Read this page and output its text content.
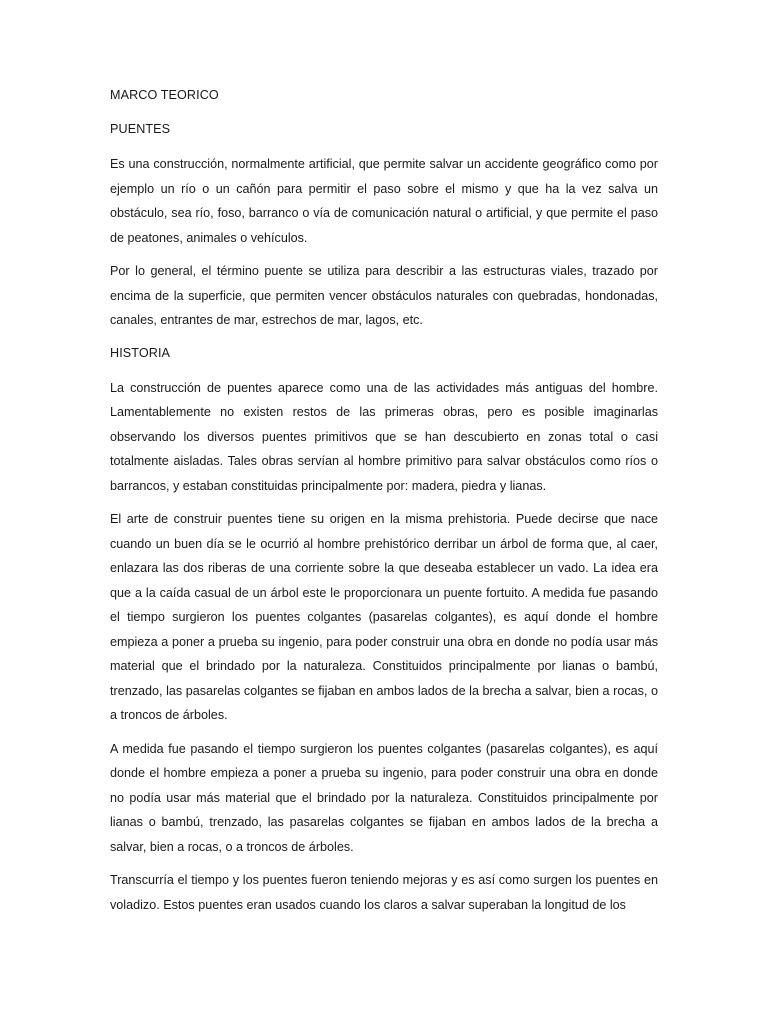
MARCO TEORICO

PUENTES

Es una construcción, normalmente artificial, que permite salvar un accidente geográfico como por ejemplo un río o un cañón para permitir el paso sobre el mismo y que ha la vez salva un obstáculo, sea río, foso, barranco o vía de comunicación natural o artificial, y que permite el paso de peatones, animales o vehículos.

Por lo general, el término puente se utiliza para describir a las estructuras viales, trazado por encima de la superficie, que permiten vencer obstáculos naturales con quebradas, hondonadas, canales, entrantes de mar, estrechos de mar, lagos, etc.

HISTORIA

La construcción de puentes aparece como una de las actividades más antiguas del hombre. Lamentablemente no existen restos de las primeras obras, pero es posible imaginarlas observando los diversos puentes primitivos que se han descubierto en zonas total o casi totalmente aisladas. Tales obras servían al hombre primitivo para salvar obstáculos como ríos o barrancos, y estaban constituidas principalmente por: madera, piedra y lianas.

El arte de construir puentes tiene su origen en la misma prehistoria. Puede decirse que nace cuando un buen día se le ocurrió al hombre prehistórico derribar un árbol de forma que, al caer, enlazara las dos riberas de una corriente sobre la que deseaba establecer un vado. La idea era que a la caída casual de un árbol este le proporcionara un puente fortuito. A medida fue pasando el tiempo surgieron los puentes colgantes (pasarelas colgantes), es aquí donde el hombre empieza a poner a prueba su ingenio, para poder construir una obra en donde no podía usar más material que el brindado por la naturaleza. Constituidos principalmente por lianas o bambú, trenzado, las pasarelas colgantes se fijaban en ambos lados de la brecha a salvar, bien a rocas, o a troncos de árboles.

A medida fue pasando el tiempo surgieron los puentes colgantes (pasarelas colgantes), es aquí donde el hombre empieza a poner a prueba su ingenio, para poder construir una obra en donde no podía usar más material que el brindado por la naturaleza. Constituidos principalmente por lianas o bambú, trenzado, las pasarelas colgantes se fijaban en ambos lados de la brecha a salvar, bien a rocas, o a troncos de árboles.

Transcurría el tiempo y los puentes fueron teniendo mejoras y es así como surgen los puentes en voladizo. Estos puentes eran usados cuando los claros a salvar superaban la longitud de los
